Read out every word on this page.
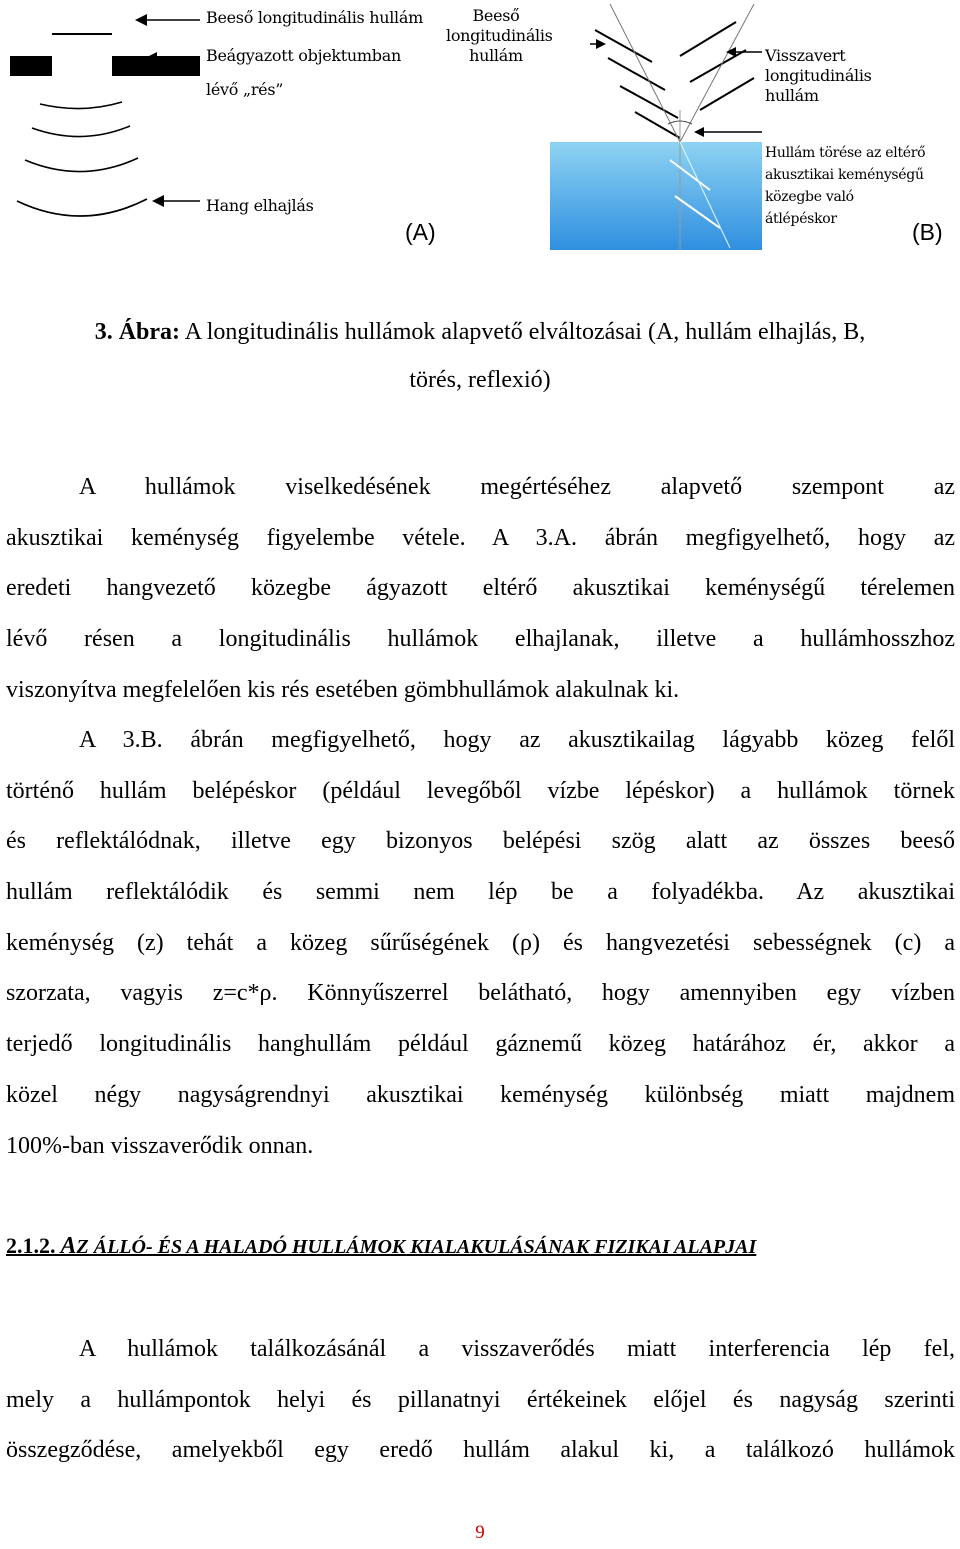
Beeső longitudinális hullám
Beágyazott objektumban
lévő „rés”
Hang elhajlás
(A)
Beeső
longitudinális
hullám	Visszavert
longitudinális
hullám
Hullám törése az eltérő
akusztikai keménységű
közegbe való
átlépéskor	(B)
3. Ábra: A longitudinális hullámok alapvető elváltozásai (A, hullám elhajlás, B,
törés, reflexió)
A hullámok viselkedésének megértéséhez alapvető szempont az
akusztikai keménység figyelembe vétele. A 3.A. ábrán megfigyelhető, hogy az
eredeti hangvezető közegbe ágyazott eltérő akusztikai keménységű térelemen
lévő résen a longitudinális hullámok elhajlanak, illetve a hullámhosszhoz
viszonyítva megfelelően kis rés esetében gömbhullámok alakulnak ki.
A 3.B. ábrán megfigyelhető, hogy az akusztikailag lágyabb közeg felől
történő hullám belépéskor (például levegőből vízbe lépéskor) a hullámok törnek
és reflektálódnak, illetve egy bizonyos belépési szög alatt az összes beeső
hullám reflektálódik és semmi nem lép be a folyadékba. Az akusztikai
keménység (z) tehát a közeg sűrűségének (ρ) és hangvezetési sebességnek (c) a
szorzata, vagyis z=c*ρ. Könnyűszerrel belátható, hogy amennyiben egy vízben
terjedő longitudinális hanghullám például gáznemű közeg határához ér, akkor a
közel négy nagyságrendnyi akusztikai keménység különbség miatt majdnem
100%-ban visszaverődik onnan.
2.1.2. AZ ÁLLÓ- ÉS A HALADÓ HULLÁMOK KIALAKULÁSÁNAK FIZIKAI ALAPJAI
A hullámok találkozásánál a visszaverődés miatt interferencia lép fel,
mely a hullámpontok helyi és pillanatnyi értékeinek előjel és nagyság szerinti
összegződése, amelyekből egy eredő hullám alakul ki, a találkozó hullámok
9
